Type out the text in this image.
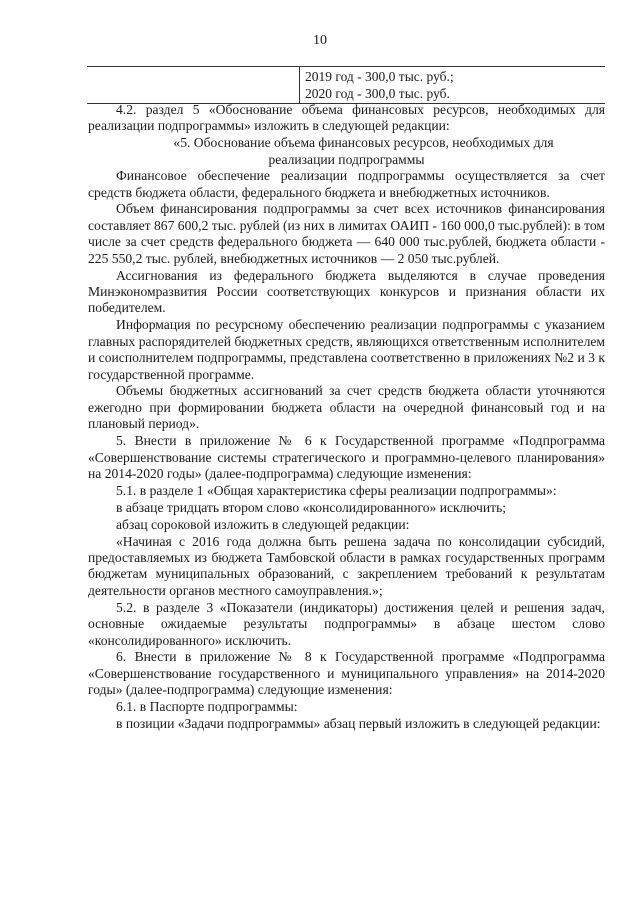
10
2019 год - 300,0 тыс. руб.;
2020 год - 300,0 тыс. руб.

4.2. раздел 5 «Обоснование объема финансовых ресурсов, необходимых для реализации подпрограммы» изложить в следующей редакции:

«5. Обоснование объема финансовых ресурсов, необходимых для
реализации подпрограммы

Финансовое обеспечение реализации подпрограммы осуществляется за счет средств бюджета области, федерального бюджета и внебюджетных источников.

Объем финансирования подпрограммы за счет всех источников финансирования составляет 867 600,2 тыс. рублей (из них в лимитах ОАИП - 160 000,0 тыс.рублей): в том числе за счет средств федерального бюджета — 640 000 тыс.рублей, бюджета области - 225 550,2 тыс. рублей, внебюджетных источников — 2 050 тыс.рублей.

Ассигнования из федерального бюджета выделяются в случае проведения Минэкономразвития России соответствующих конкурсов и признания области их победителем.

Информация по ресурсному обеспечению реализации подпрограммы с указанием главных распорядителей бюджетных средств, являющихся ответственным исполнителем и соисполнителем подпрограммы, представлена соответственно в приложениях №2 и 3 к государственной программе.

Объемы бюджетных ассигнований за счет средств бюджета области уточняются ежегодно при формировании бюджета области на очередной финансовый год и на плановый период».

5. Внести в приложение № 6 к Государственной программе «Подпрограмма «Совершенствование системы стратегического и программно-целевого планирования» на 2014-2020 годы» (далее-подпрограмма) следующие изменения:

5.1. в разделе 1 «Общая характеристика сферы реализации подпрограммы»:

в абзаце тридцать втором слово «консолидированного» исключить;

абзац сороковой изложить в следующей редакции:

«Начиная с 2016 года должна быть решена задача по консолидации субсидий, предоставляемых из бюджета Тамбовской области в рамках государственных программ бюджетам муниципальных образований, с закреплением требований к результатам деятельности органов местного самоуправления.»;

5.2. в разделе 3 «Показатели (индикаторы) достижения целей и решения задач, основные ожидаемые результаты подпрограммы» в абзаце шестом слово «консолидированного» исключить.

6. Внести в приложение № 8 к Государственной программе «Подпрограмма «Совершенствование государственного и муниципального управления» на 2014-2020 годы» (далее-подпрограмма) следующие изменения:

6.1. в Паспорте подпрограммы:

в позиции «Задачи подпрограммы» абзац первый изложить в следующей редакции:
